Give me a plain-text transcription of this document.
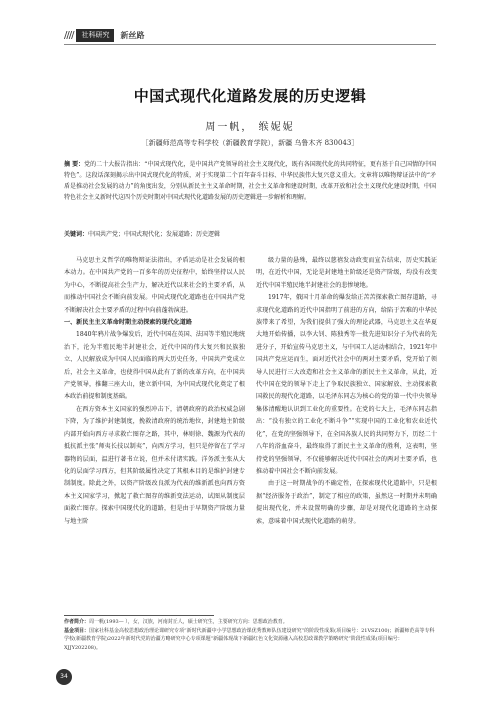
////	社科研究	新丝路
中国式现代化道路发展的历史逻辑
周一帆， 缑妮妮
［新疆师范高等专科学校（新疆教育学院），新疆 乌鲁木齐 830043］
摘 要：党的二十大报告指出：“中国式现代化，是中国共产党领导的社会主义现代化，既有各国现代化的共同特征，更有基于自己国情的中国特色”。这段话深刻揭示出中国式现代化的特质，对于实现第二个百年奋斗目标、中华民族伟大复兴意义重大。文章将以唯物辩证法中的“矛盾是推动社会发展的动力”的角度出发，分别从新民主主义革命时期，社会主义革命和建设时期，改革开放和社会主义现代化建设时期，中国特色社会主义新时代这四个历史时期对中国式现代化道路发展的历史逻辑进一步解析和理解。
关键词：中国共产党；中国式现代化；发展道路；历史逻辑

马克思主义哲学的唯物辩证法指出，矛盾运动是社会发展的根本动力。在中国共产党的一百多年的历史征程中，始终坚持以人民为中心，不断提高社会生产力，解决近代以来社会的主要矛盾，从而推动中国社会不断向前发展。中国式现代化道路也在中国共产党不断解决社会主要矛盾的过程中向前蓬勃演进。

一、新民主主义革命时期主动探索的现代化道路

1840年鸦片战争爆发后，近代中国在英国、法国等半殖民地统治下，沦为半殖民地半封建社会，近代中国的伟大复兴和民族独立、人民解放成为中国人民面临的两大历史任务，中国共产党成立后，社会主义革命，也使得中国从此有了新的改革方向，在中国共产党领导，推翻三座大山，建立新中国，为中国式现代化奠定了根本政治前提和制度基础。

在西方资本主义国家的强烈冲击下，清朝政府的政治权威急剧下降，为了维护封建制度，挽救清政府的统治地位，封建地主阶级内部开始向西方寻求救亡图存之路，其中，林则徐、魏源为代表的抵抗派主张“师夷长技以制夷”，向西方学习，但只是停留在了学习器物的层面，温进行著书立说，但并未付诸实践。洋务派主张从大化的层面学习西方，但其阶级属性决定了其根本目的是维护封建专制制度。除此之外，以资产阶级改良派为代表的维新派也向西方资本主义国家学习，掀起了救亡图存的维新变法运动，试图从制度层面救亡图存。探索中国现代化的道路，但是由于早期资产阶级力量与地主阶

级力量的悬殊，最终以慈禧发动政变而宣告结束，历史实践证明，在近代中国，无论是封建地主阶级还是资产阶级，均没有改变近代中国半殖民地半封建社会的悲惨境地。

1917年，俄国十月革命的爆发给正苦苦探索救亡图存道路，寻求现代化道路的近代中国指明了前进的方向，给陷于苦难的中华民族带来了希望，为我们提供了强大的理论武器，马克思主义在华夏大地开始传播，以李大钊、陈独秀等一批先进知识分子为代表的先进分子，开始宣传马克思主义，与中国工人运动相结合，1921年中国共产党应运而生，面对近代社会中的两对主要矛盾，党开始了领导人民进行三大改造和社会主义革命的新民主主义革命，从此，近代中国在党的领导下走上了争取民族独立、国家解放、主动探索救国救民的现代化道路，以毛泽东同志为核心的党的第一代中央领导集体清醒地认识到工业化的重要性。在党的七大上，毛泽东同志指出：“没有独立的工业化不断斗争”“实现中国的工业化和农业近代化”，在党的坚强领导下，在全国各族人民的共同努力下，历经二十八年的浴血奋斗，最终取得了新民主主义革命的胜利，这表明，坚持党的坚强领导，不仅能够解决近代中国社会的两对主要矛盾，也推动着中国社会不断向前发展。

由于这一时期战争的不确定性，在探索现代化道路中，只是根据“经济服务于政治”，制定了相应的政策，虽然这一时期并未明确提出现代化，并未设置明确的步骤，却是对现代化道路的主动探索，意味着中国式现代化道路的萌芽。

作者简介：周一帆(1993— ），女，汉族，河南封丘人，硕士研究生，主要研究方向：思想政治教育。
基金项目：国家社科基金高校思想政治理论课研究专项“新时代新疆中小学思想政治课优秀教师队伍建设研究”的阶段性成果(项目编号：21VSZ100)；新疆师范高等专科学校(新疆教育学院)2022年新时代党的治疆方略研究中心专项课题“新疆体现战下新疆红色文化资源融入高校思政课教学策略研究”阶段性成果(项目编号：XJJY202208)。
34
